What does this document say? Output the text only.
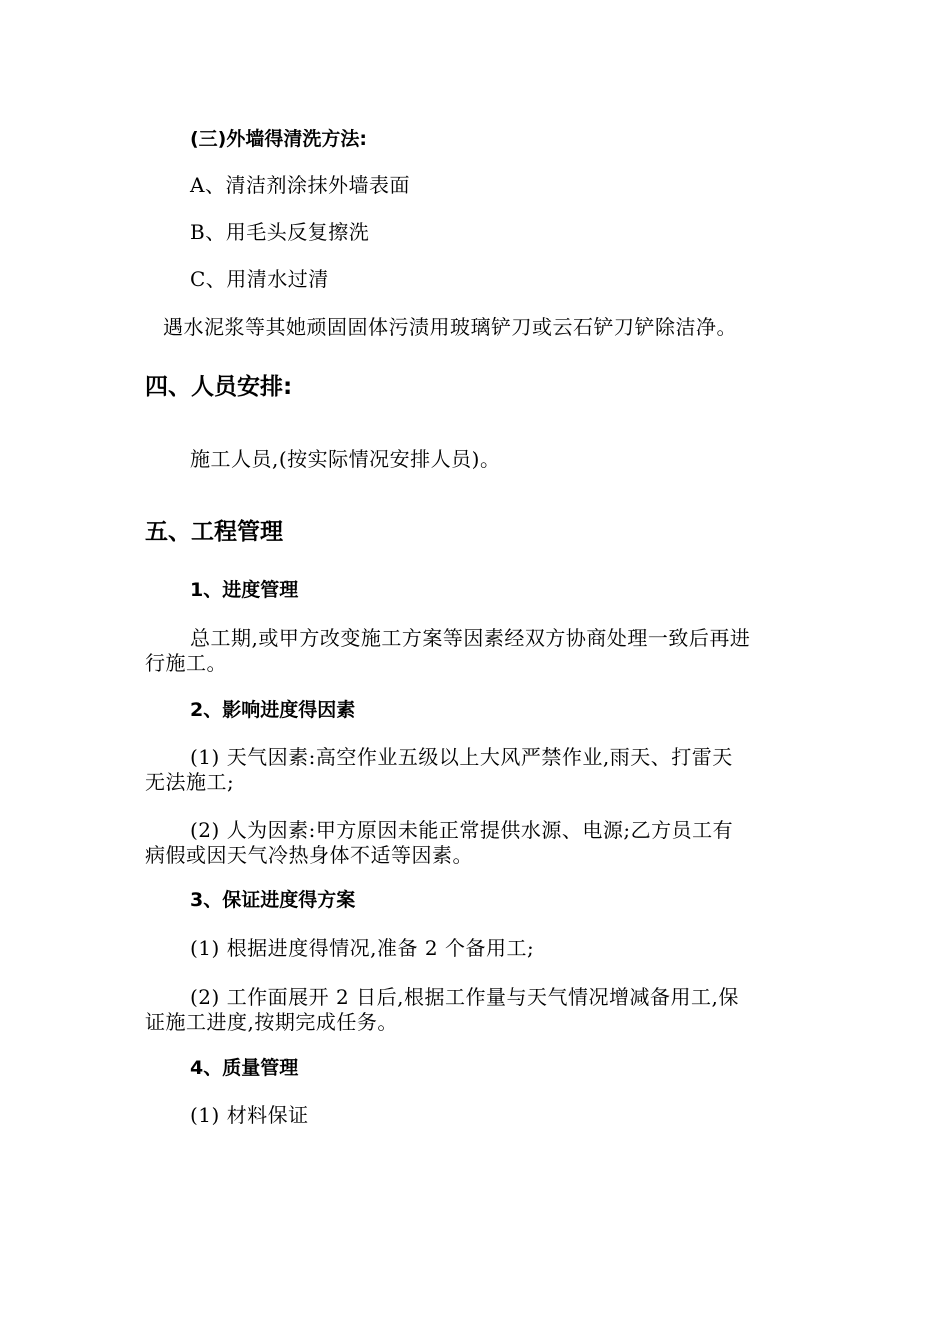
(三)外墙得清洗方法:

A、清洁剂涂抹外墙表面

B、用毛头反复擦洗

C、用清水过清

遇水泥浆等其她顽固固体污渍用玻璃铲刀或云石铲刀铲除洁净。

四、人员安排:

施工人员,(按实际情况安排人员)。

五、工程管理

1、进度管理

总工期,或甲方改变施工方案等因素经双方协商处理一致后再进

行施工。

2、影响进度得因素

(1) 天气因素:高空作业五级以上大风严禁作业,雨天、打雷天

无法施工;

(2) 人为因素:甲方原因未能正常提供水源、电源;乙方员工有

病假或因天气冷热身体不适等因素。

3、保证进度得方案

(1) 根据进度得情况,准备 2 个备用工;

(2) 工作面展开 2 日后,根据工作量与天气情况增减备用工,保

证施工进度,按期完成任务。

4、质量管理

(1) 材料保证
